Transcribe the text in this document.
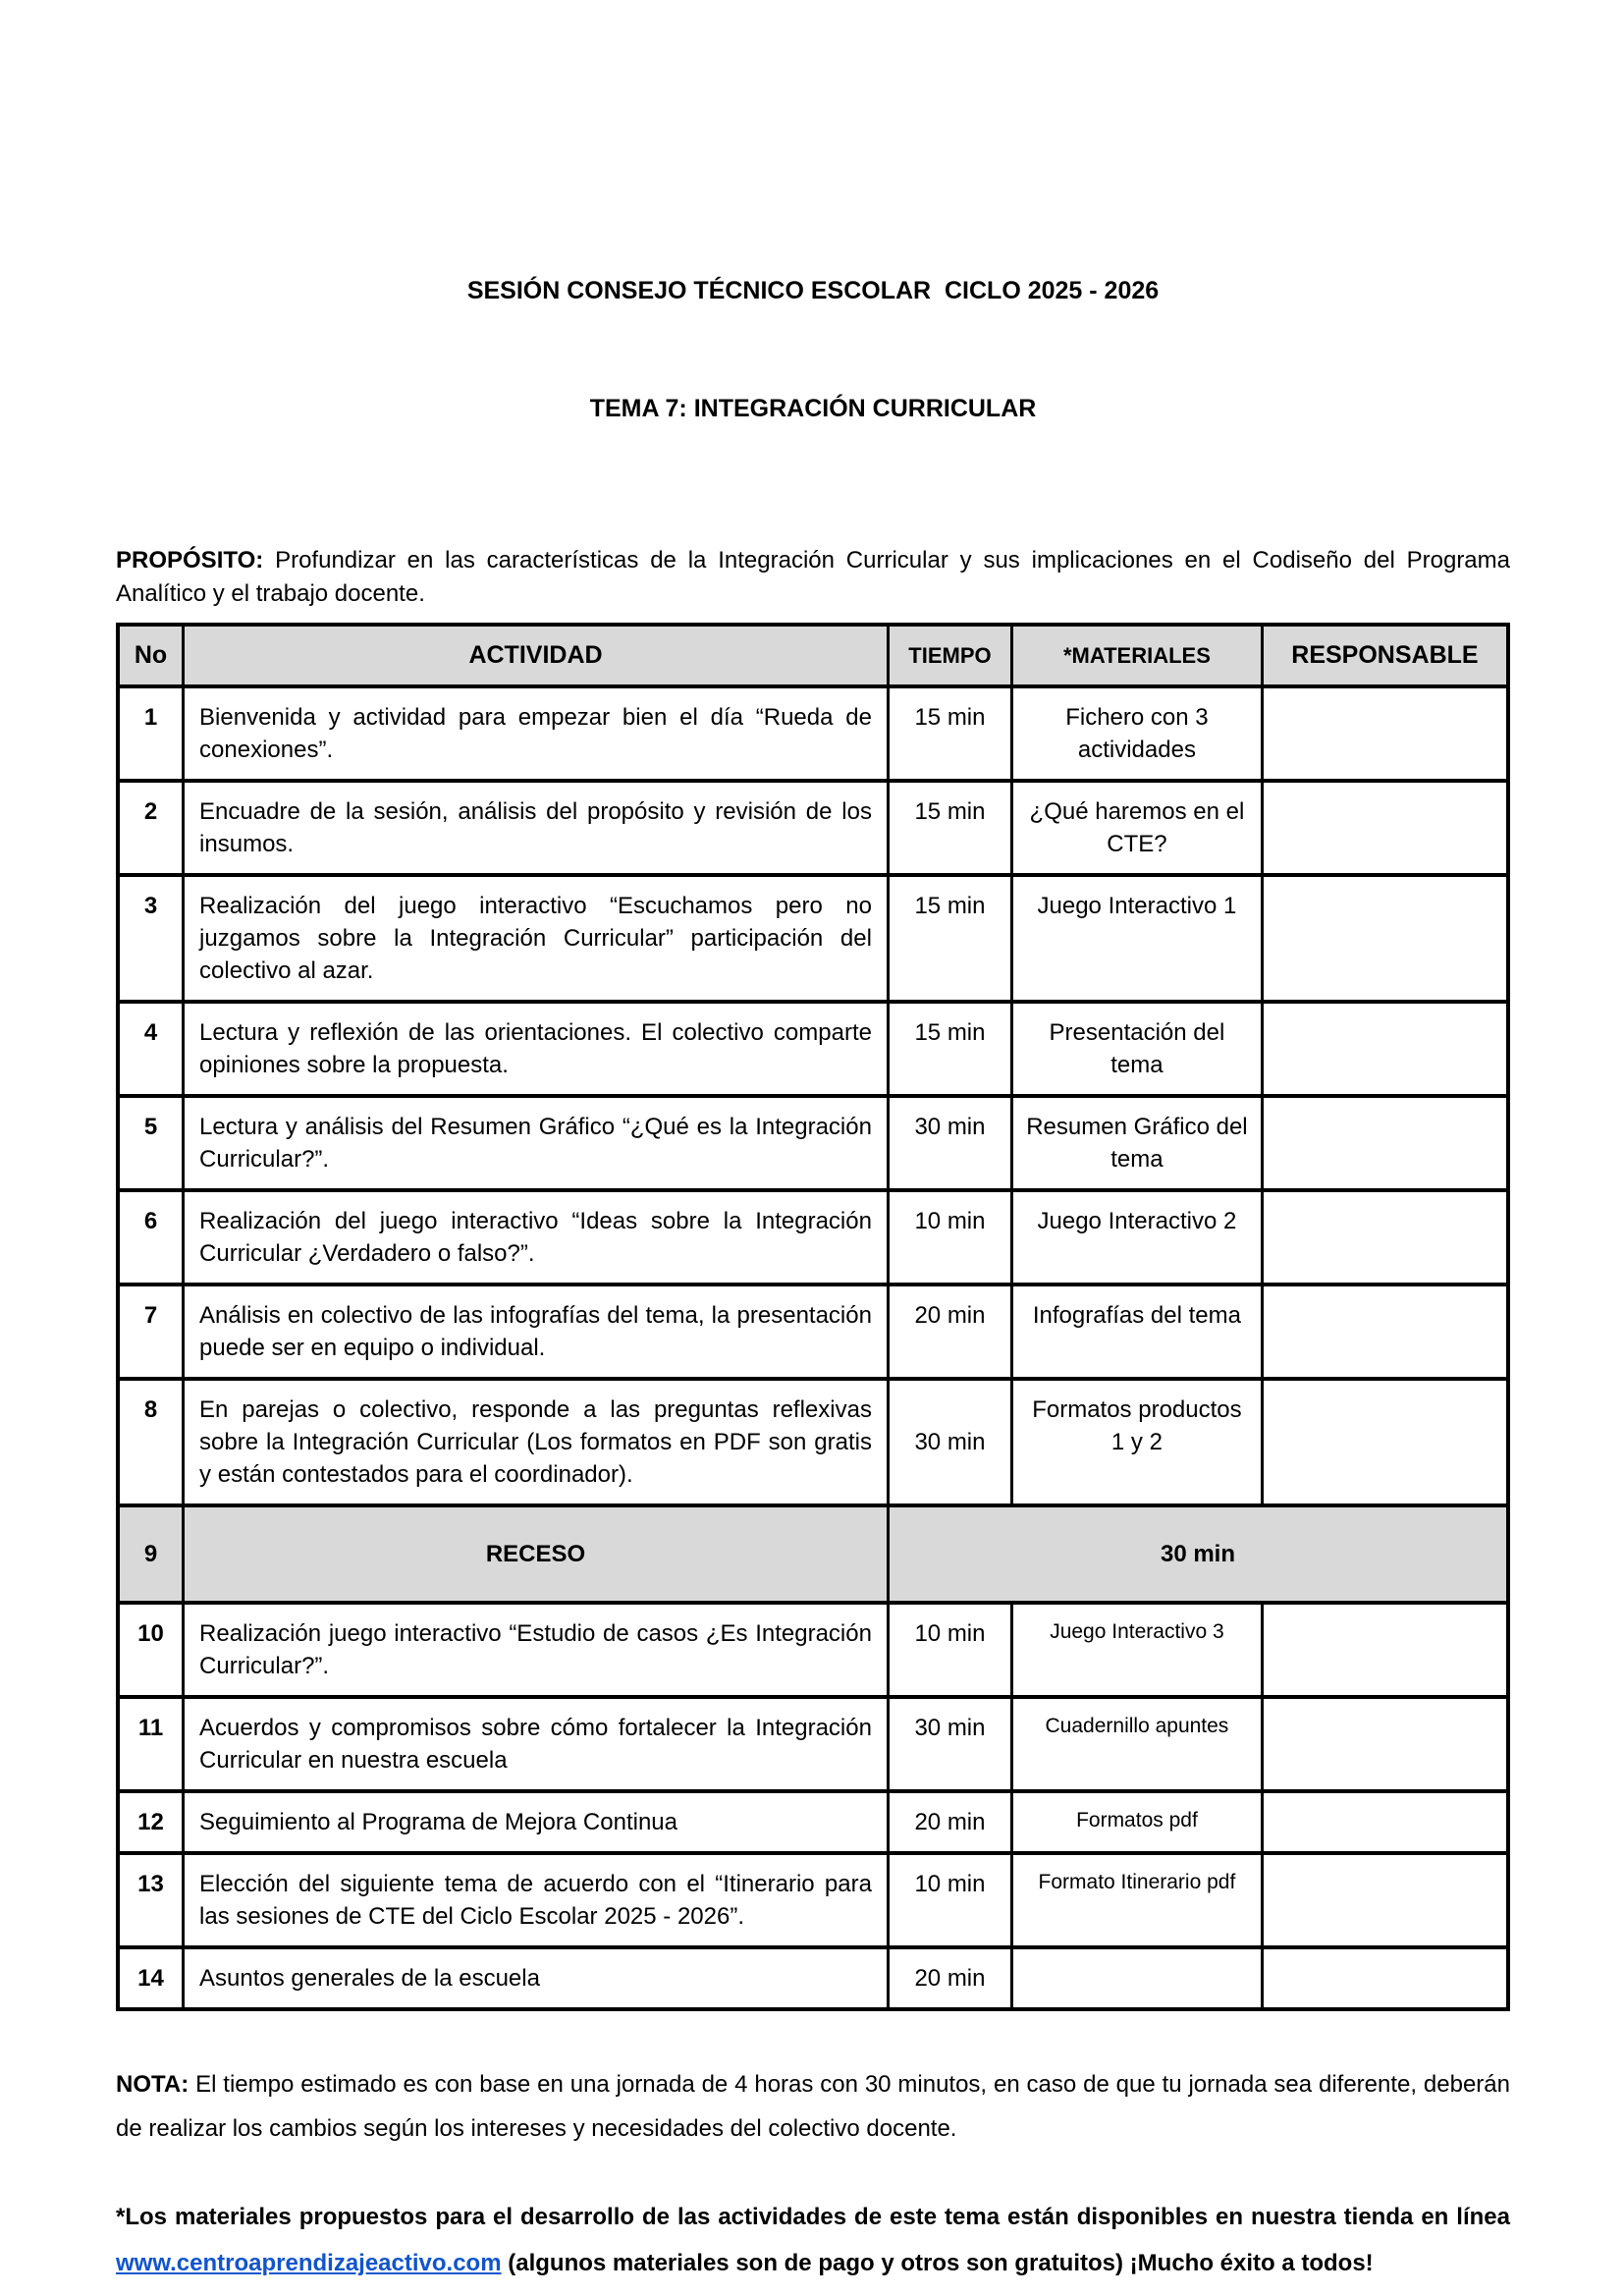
SESIÓN CONSEJO TÉCNICO ESCOLAR  CICLO 2025 - 2026

TEMA 7: INTEGRACIÓN CURRICULAR

PROPÓSITO: Profundizar en las características de la Integración Curricular y sus implicaciones en el Codiseño del Programa Analítico y el trabajo docente.

No	ACTIVIDAD	TIEMPO	*MATERIALES	RESPONSABLE
1	Bienvenida y actividad para empezar bien el día “Rueda de conexiones”.	15 min	Fichero con 3 actividades	
2	Encuadre de la sesión, análisis del propósito y revisión de los insumos.	15 min	¿Qué haremos en el CTE?	
3	Realización del juego interactivo “Escuchamos pero no juzgamos sobre la Integración Curricular” participación del colectivo al azar.	15 min	Juego Interactivo 1	
4	Lectura y reflexión de las orientaciones. El colectivo comparte opiniones sobre la propuesta.	15 min	Presentación del tema	
5	Lectura y análisis del Resumen Gráfico “¿Qué es la Integración Curricular?”.	30 min	Resumen Gráfico del tema	
6	Realización del juego interactivo “Ideas sobre la Integración Curricular ¿Verdadero o falso?”.	10 min	Juego Interactivo 2	
7	Análisis en colectivo de las infografías del tema, la presentación puede ser en equipo o individual.	20 min	Infografías del tema	
8	En parejas o colectivo, responde a las preguntas reflexivas sobre la Integración Curricular (Los formatos en PDF son gratis y están contestados para el coordinador).	30 min	Formatos productos 1 y 2	
9	RECESO	30 min		
10	Realización juego interactivo “Estudio de casos ¿Es Integración Curricular?”.	10 min	Juego Interactivo 3	
11	Acuerdos y compromisos sobre cómo fortalecer la Integración Curricular en nuestra escuela	30 min	Cuadernillo apuntes	
12	Seguimiento al Programa de Mejora Continua	20 min	Formatos pdf	
13	Elección del siguiente tema de acuerdo con el “Itinerario para las sesiones de CTE del Ciclo Escolar 2025 - 2026”.	10 min	Formato Itinerario pdf	
14	Asuntos generales de la escuela	20 min		

NOTA: El tiempo estimado es con base en una jornada de 4 horas con 30 minutos, en caso de que tu jornada sea diferente, deberán de realizar los cambios según los intereses y necesidades del colectivo docente.

*Los materiales propuestos para el desarrollo de las actividades de este tema están disponibles en nuestra tienda en línea www.centroaprendizajeactivo.com (algunos materiales son de pago y otros son gratuitos) ¡Mucho éxito a todos!
